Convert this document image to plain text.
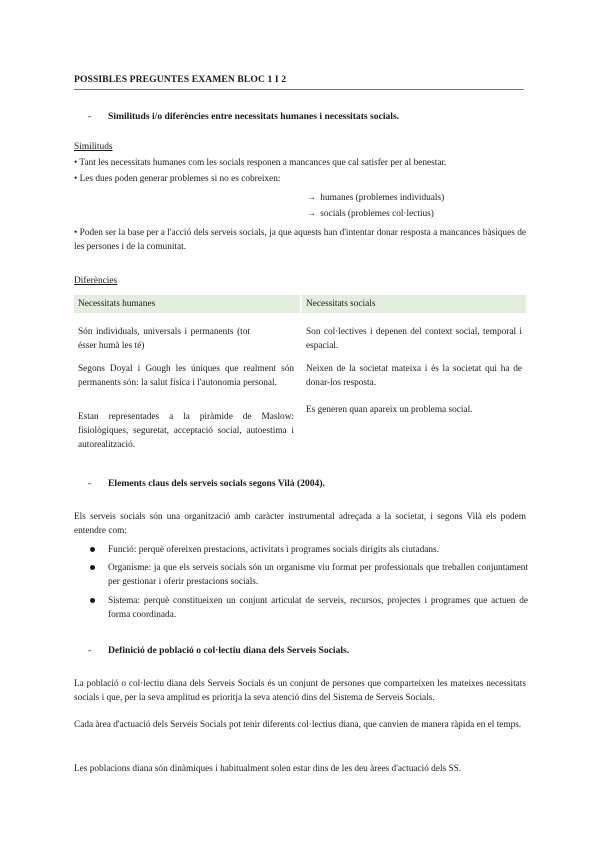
POSSIBLES PREGUNTES EXAMEN BLOC 1 I 2
- Similituds i/o diferències entre necessitats humanes i necessitats socials.
Similituds
• Tant les necessitats humanes com les socials responen a mancances que cal satisfer per al benestar.
• Les dues poden generar problemes si no es cobreixen:
→ humanes (problemes individuals)
→ socials (problemes col·lectius)
• Poden ser la base per a l'acció dels serveis socials, ja que aquests han d'intentar donar resposta a mancances bàsiques de les persones i de la comunitat.
Diferències
Necessitats humanes	Necessitats socials
Són individuals, universals i permanents (tot ésser humà les té)
Segons Doyal i Gough les úniques que realment són permanents són: la salut física i l'autonomia personal.
Estan representades a la piràmide de Maslow: fisiològiques, seguretat, acceptació social, autoestima i autorealització.
Son col·lectives i depenen del context social, temporal i espacial.
Neixen de la societat mateixa i és la societat qui ha de donar-los resposta.
Es generen quan apareix un problema social.
- Elements claus dels serveis socials segons Vilà (2004).
Els serveis socials són una organització amb caràcter instrumental adreçada a la societat, i segons Vilà els podem entendre com:
Funció: perquè ofereixen prestacions, activitats i programes socials dirigits als ciutadans.
Organisme: ja que els serveis socials són un organisme viu format per professionals que treballen conjuntament per gestionar i oferir prestacions socials.
Sistema: perquè constitueixen un conjunt articulat de serveis, recursos, projectes i programes que actuen de forma coordinada.
- Definició de població o col·lectiu diana dels Serveis Socials.
La població o col·lectiu diana dels Serveis Socials és un conjunt de persones que comparteixen les mateixes necessitats socials i que, per la seva amplitud es prioritja la seva atenció dins del Sistema de Serveis Socials.
Cada àrea d'actuació dels Serveis Socials pot tenir diferents col·lectius diana, que canvien de manera ràpida en el temps.
Les poblacions diana són dinàmiques i habitualment solen estar dins de les deu àrees d'actuació dels SS.
